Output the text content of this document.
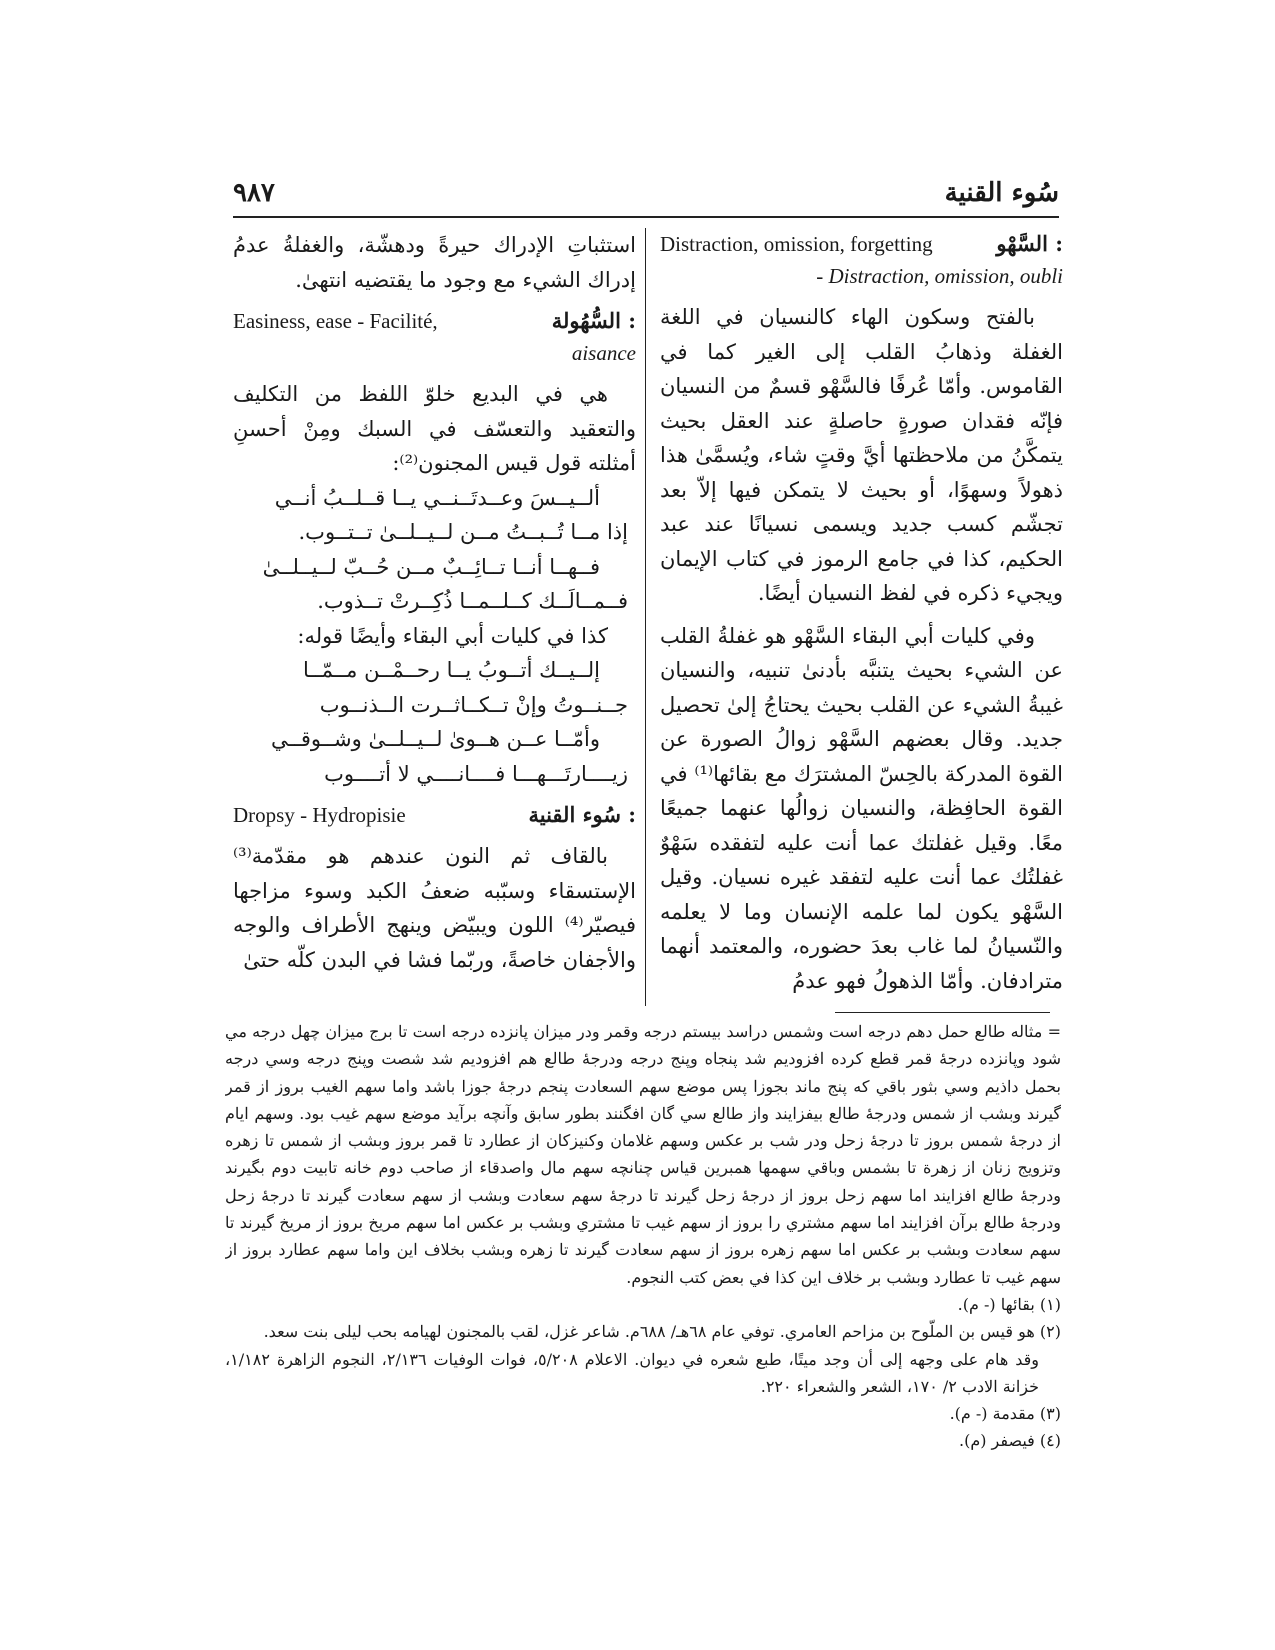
٩٨٧	سُوء القنية
Distraction, omission, forgetting	السَّهْو :
- Distraction, omission, oubli
بالفتح وسكون الهاء كالنسيان في اللغة الغفلة وذهابُ القلب إلى الغير كما في القاموس. وأمّا عُرفًا فالسَّهْو قسمٌ من النسيان فإنّه فقدان صورةٍ حاصلةٍ عند العقل بحيث يتمكَّنُ من ملاحظتها أيَّ وقتٍ شاء، ويُسمَّىٰ هذا ذهولاً وسهوًا، أو بحيث لا يتمكن فيها إلاّ بعد تجشّم كسب جديد ويسمى نسيانًا عند عبد الحكيم، كذا في جامع الرموز في كتاب الإيمان ويجيء ذكره في لفظ النسيان أيضًا.
وفي كليات أبي البقاء السَّهْو هو غفلةُ القلب عن الشيء بحيث يتنبَّه بأدنىٰ تنبيه، والنسيان غيبةُ الشيء عن القلب بحيث يحتاجُ إلىٰ تحصيل جديد. وقال بعضهم السَّهْو زوالُ الصورة عن القوة المدركة بالحِسّ المشترَك مع بقائها⁽¹⁾ في القوة الحافِظة، والنسيان زوالُها عنهما جميعًا معًا. وقيل غفلتك عما أنت عليه لتفقده سَهْوٌ غفلتُك عما أنت عليه لتفقد غيره نسيان. وقيل السَّهْو يكون لما علمه الإنسان وما لا يعلمه والنّسيانُ لما غاب بعدَ حضوره، والمعتمد أنهما مترادفان. وأمّا الذهولُ فهو عدمُ
استثباتِ الإدراك حيرةً ودهشّة، والغفلةُ عدمُ إدراك الشيء مع وجود ما يقتضيه انتهىٰ.
Easiness, ease - Facilité,	السُّهُولة :
aisance
هي في البديع خلوّ اللفظ من التكليف والتعقيد والتعسّف في السبك ومِنْ أحسنِ أمثلته قول قيس المجنون⁽²⁾:
ألــيــسَ وعــدتَــنــي يــا قــلــبُ أنــي
إذا مــا تُــبــتُ مــن لــيــلــىٰ تــتــوب.
فــهــا أنــا تــائِــبٌ مــن حُــبّ لــيــلــىٰ
فــمــالَــك كــلــمــا ذُكِــرتْ تــذوب.
كذا في كليات أبي البقاء وأيضًا قوله:
إلــيــك أتــوبُ يــا رحــمْــن مــمّــا
جــنــوتُ وإنْ تــكــاثــرت الــذنــوب
وأمّــا عــن هــوىٰ لــيــلــىٰ وشــوقــي
زيــــارتَـــهـــا فــــانــــي لا أتــــوب
Dropsy - Hydropisie	سُوء القنية :
بالقاف ثم النون عندهم هو مقدّمة⁽³⁾ الإستسقاء وسبّبه ضعفُ الكبد وسوء مزاجها فيصيّر⁽⁴⁾ اللون ويبيّض وينهج الأطراف والوجه والأجفان خاصةً، وربّما فشا في البدن كلّه حتىٰ

= مثاله طالع حمل دهم درجه است وشمس دراسد بيستم درجه وقمر ودر ميزان پانزده درجه است تا برج ميزان چهل درجه مي شود وپانزده درجهٔ قمر قطع كرده افزوديم شد پنجاه وپنج درجه ودرجهٔ طالع هم افزوديم شد شصت وپنج درجه وسي درجه بحمل داذيم وسي بثور باقي كه پنج ماند بجوزا پس موضع سهم السعادت پنجم درجهٔ جوزا باشد واما سهم الغيب بروز از قمر گيرند وبشب از شمس ودرجهٔ طالع بيفزايند واز طالع سي گان افگنند بطور سابق وآنچه برآيد موضع سهم غيب بود. وسهم ايام از درجهٔ شمس بروز تا درجهٔ زحل ودر شب بر عكس وسهم غلامان وكنيزكان از عطارد تا قمر بروز وبشب از شمس تا زهره وتزويج زنان از زهرة تا بشمس وباقي سهمها همبرين قياس چنانچه سهم مال واصدقاء از صاحب دوم خانه تابيت دوم بگيرند ودرجهٔ طالع افزايند اما سهم زحل بروز از درجهٔ زحل گيرند تا درجهٔ سهم سعادت وبشب از سهم سعادت گيرند تا درجهٔ زحل ودرجهٔ طالع برآن افزايند اما سهم مشتري را بروز از سهم غيب تا مشتري وبشب بر عكس اما سهم مريخ بروز از مريخ گيرند تا سهم سعادت وبشب بر عكس اما سهم زهره بروز از سهم سعادت گيرند تا زهره وبشب بخلاف اين واما سهم عطارد بروز از سهم غيب تا عطارد وبشب بر خلاف اين كذا في بعض كتب النجوم.

(١) بقائها (- م).

(٢) هو قيس بن الملّوح بن مزاحم العامري. توفي عام ٦٨هـ/ ٦٨٨م. شاعر غزل، لقب بالمجنون لهيامه بحب ليلى بنت سعد.

وقد هام على وجهه إلى أن وجد ميتًا، طبع شعره في ديوان. الاعلام ٥/٢٠٨، فوات الوفيات ٢/١٣٦، النجوم الزاهرة ١/١٨٢، خزانة الادب ٢/ ١٧٠، الشعر والشعراء ٢٢٠.

(٣) مقدمة (- م).

(٤) فيصفر (م).
